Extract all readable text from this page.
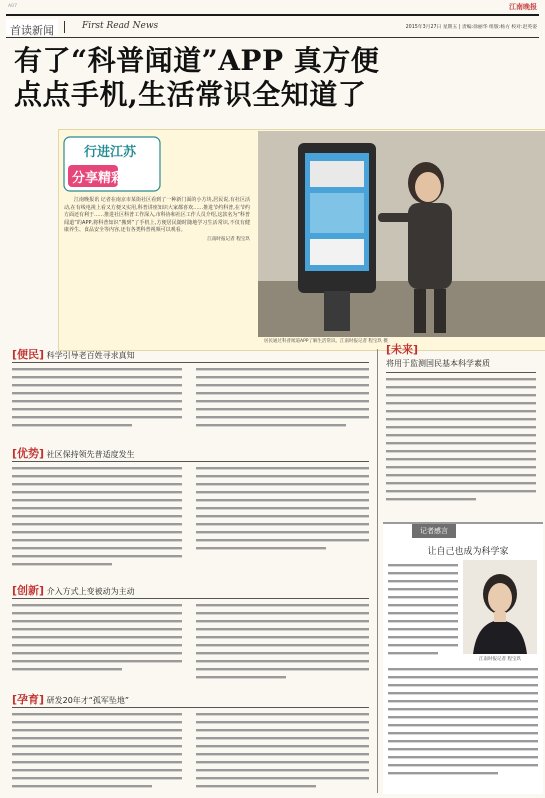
A07	江南晚报
首读新闻	First Read News	2015年3月27日 星期五 | 责编:徐丽华 组版:杨方 校对:赵英姿
有了“科普闻道”APP 真方便
点点手机,生活常识全知道了
行进江苏
分享精彩

江南晚报讯 记者在南京市某街社区看到了一种新门面的小方块,居民说,有社区活动,在有线电视上看又方便又实用,科普讲座知识大家都喜欢……推进节约科普,在节约方面还有利于……推进社区科普工作深入,市科协和社区工作人员介绍,这款名为“科普闻道”的APP,将科普知识“搬到”了手机上,方便居民随时随地学习生活常识,不仅有健康养生、食品安全等内容,还有各类科普视频可以观看。

江南时报记者 程宝玖
居民通过科普闻道APP了解生活常识。江南时报记者 程宝玖 摄
[便民] 科学引导老百姓寻求真知
[优势] 社区保持领先普适度发生
[创新] 介入方式上变被动为主动
[孕育] 研发20年才“孤军坠地”
[未来]
将用于监测国民基本科学素质
记者感言
让自己也成为科学家
江南时报记者 程宝玖
